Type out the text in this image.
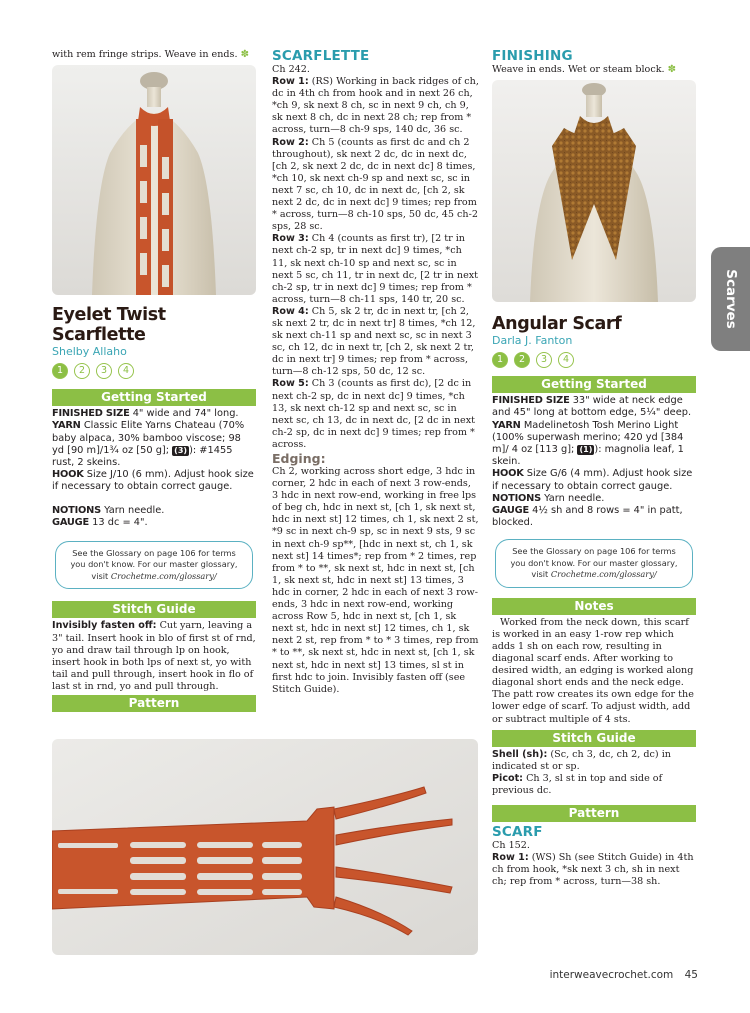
with rem fringe strips. Weave in ends. ✽
Eyelet Twist Scarflette
Shelby Allaho
1	2	3	4
Getting Started
FINISHED SIZE 4" wide and 74" long.
YARN Classic Elite Yarns Chateau (70% baby alpaca, 30% bamboo viscose; 98 yd [90 m]/1¾ oz [50 g]; (3) ): #1455 rust, 2 skeins.
HOOK Size J/10 (6 mm). Adjust hook size if necessary to obtain correct gauge.
NOTIONS Yarn needle.
GAUGE 13 dc = 4".
See the Glossary on page 106 for terms you don't know. For our master glossary, visit Crochetme.com/glossary/
Stitch Guide
Invisibly fasten off: Cut yarn, leaving a 3" tail. Insert hook in blo of first st of rnd, yo and draw tail through lp on hook, insert hook in both lps of next st, yo with tail and pull through, insert hook in flo of last st in rnd, yo and pull through.
Pattern
SCARFLETTE
Ch 242.
Row 1: (RS) Working in back ridges of ch, dc in 4th ch from hook and in next 26 ch, *ch 9, sk next 8 ch, sc in next 9 ch, ch 9, sk next 8 ch, dc in next 28 ch; rep from * across, turn—8 ch-9 sps, 140 dc, 36 sc.
Row 2: Ch 5 (counts as first dc and ch 2 throughout), sk next 2 dc, dc in next dc, [ch 2, sk next 2 dc, dc in next dc] 8 times, *ch 10, sk next ch-9 sp and next sc, sc in next 7 sc, ch 10, dc in next dc, [ch 2, sk next 2 dc, dc in next dc] 9 times; rep from * across, turn—8 ch-10 sps, 50 dc, 45 ch-2 sps, 28 sc.
Row 3: Ch 4 (counts as first tr), [2 tr in next ch-2 sp, tr in next dc] 9 times, *ch 11, sk next ch-10 sp and next sc, sc in next 5 sc, ch 11, tr in next dc, [2 tr in next ch-2 sp, tr in next dc] 9 times; rep from * across, turn—8 ch-11 sps, 140 tr, 20 sc.
Row 4: Ch 5, sk 2 tr, dc in next tr, [ch 2, sk next 2 tr, dc in next tr] 8 times, *ch 12, sk next ch-11 sp and next sc, sc in next 3 sc, ch 12, dc in next tr, [ch 2, sk next 2 tr, dc in next tr] 9 times; rep from * across, turn—8 ch-12 sps, 50 dc, 12 sc.
Row 5: Ch 3 (counts as first dc), [2 dc in next ch-2 sp, dc in next dc] 9 times, *ch 13, sk next ch-12 sp and next sc, sc in next sc, ch 13, dc in next dc, [2 dc in next ch-2 sp, dc in next dc] 9 times; rep from * across.
Edging:
Ch 2, working across short edge, 3 hdc in corner, 2 hdc in each of next 3 row-ends, 3 hdc in next row-end, working in free lps of beg ch, hdc in next st, [ch 1, sk next st, hdc in next st] 12 times, ch 1, sk next 2 st, *9 sc in next ch-9 sp, sc in next 9 sts, 9 sc in next ch-9 sp**, [hdc in next st, ch 1, sk next st] 14 times*; rep from * 2 times, rep from * to **, sk next st, hdc in next st, [ch 1, sk next st, hdc in next st] 13 times, 3 hdc in corner, 2 hdc in each of next 3 row-ends, 3 hdc in next row-end, working across Row 5, hdc in next st, [ch 1, sk next st, hdc in next st] 12 times, ch 1, sk next 2 st, rep from * to * 3 times, rep from * to **, sk next st, hdc in next st, [ch 1, sk next st, hdc in next st] 13 times, sl st in first hdc to join. Invisibly fasten off (see Stitch Guide).
FINISHING
Weave in ends. Wet or steam block. ✽
Angular Scarf
Darla J. Fanton
1	2	3	4
Getting Started
FINISHED SIZE 33" wide at neck edge and 45" long at bottom edge, 5¼" deep.
YARN Madelinetosh Tosh Merino Light (100% superwash merino; 420 yd [384 m]/ 4 oz [113 g]; (1) ): magnolia leaf, 1 skein.
HOOK Size G/6 (4 mm). Adjust hook size if necessary to obtain correct gauge.
NOTIONS Yarn needle.
GAUGE 4½ sh and 8 rows = 4" in patt, blocked.
See the Glossary on page 106 for terms you don't know. For our master glossary, visit Crochetme.com/glossary/
Notes
Worked from the neck down, this scarf is worked in an easy 1-row rep which adds 1 sh on each row, resulting in diagonal scarf ends. After working to desired width, an edging is worked along diagonal short ends and the neck edge. The patt row creates its own edge for the lower edge of scarf. To adjust width, add or subtract multiple of 4 sts.
Stitch Guide
Shell (sh): (Sc, ch 3, dc, ch 2, dc) in indicated st or sp.
Picot: Ch 3, sl st in top and side of previous dc.
Pattern
SCARF
Ch 152.
Row 1: (WS) Sh (see Stitch Guide) in 4th ch from hook, *sk next 3 ch, sh in next ch; rep from * across, turn—38 sh.
Scarves
interweavecrochet.com 45
